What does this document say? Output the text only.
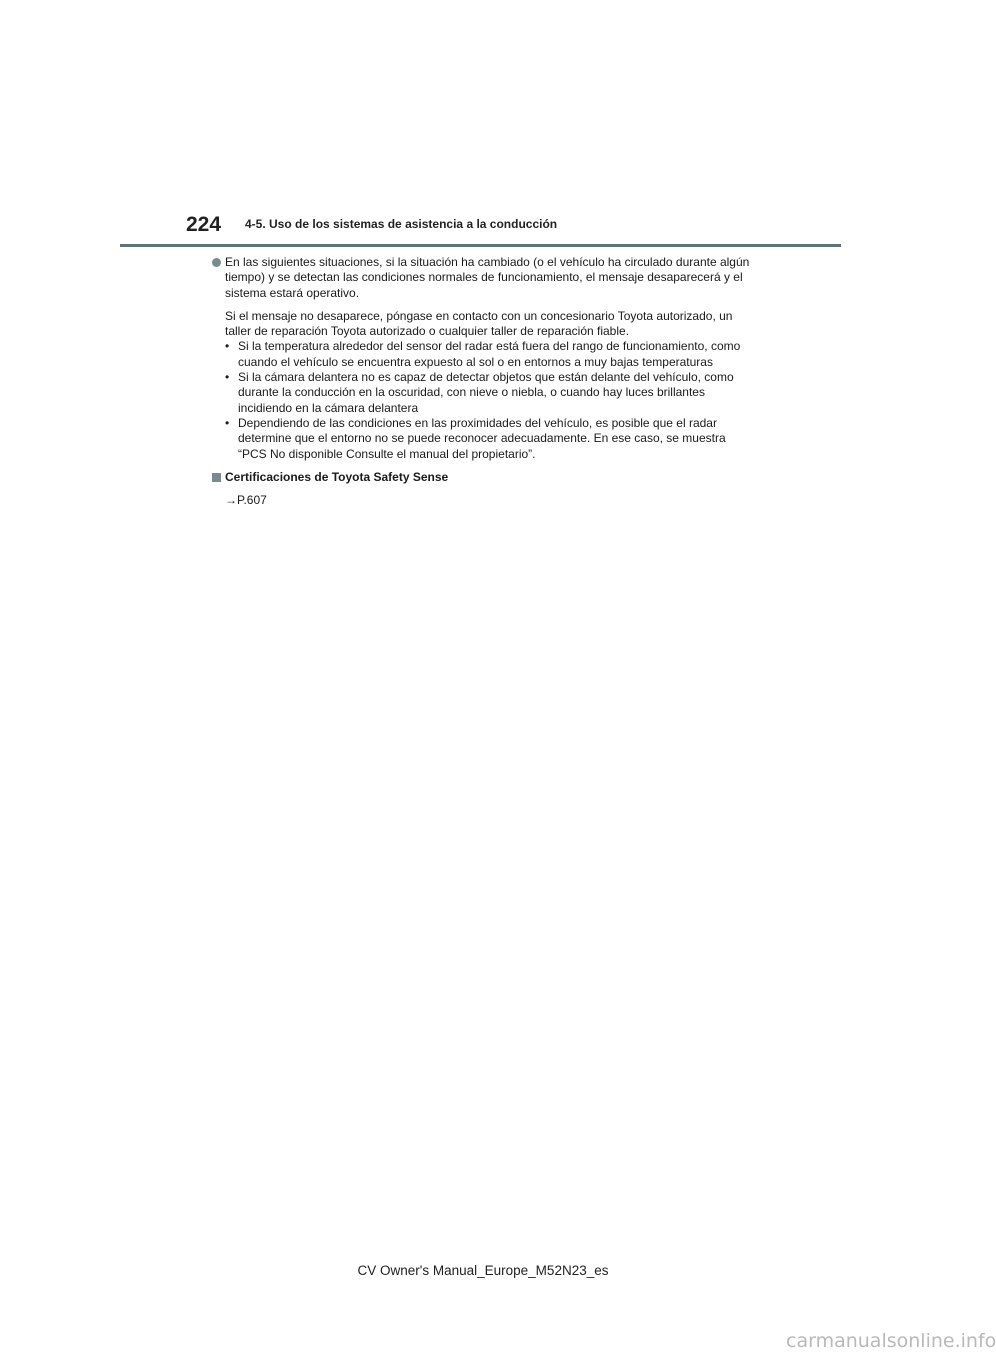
224 4-5. Uso de los sistemas de asistencia a la conducción

En las siguientes situaciones, si la situación ha cambiado (o el vehículo ha circulado durante algún tiempo) y se detectan las condiciones normales de funcionamiento, el mensaje desaparecerá y el sistema estará operativo.

Si el mensaje no desaparece, póngase en contacto con un concesionario Toyota autorizado, un taller de reparación Toyota autorizado o cualquier taller de reparación fiable.

• Si la temperatura alrededor del sensor del radar está fuera del rango de funcionamiento, como cuando el vehículo se encuentra expuesto al sol o en entornos a muy bajas temperaturas
• Si la cámara delantera no es capaz de detectar objetos que están delante del vehículo, como durante la conducción en la oscuridad, con nieve o niebla, o cuando hay luces brillantes incidiendo en la cámara delantera
• Dependiendo de las condiciones en las proximidades del vehículo, es posible que el radar determine que el entorno no se puede reconocer adecuadamente. En ese caso, se muestra “PCS No disponible Consulte el manual del propietario”.

Certificaciones de Toyota Safety Sense

→P.607

CV Owner's Manual_Europe_M52N23_es
carmanualsonline.info
